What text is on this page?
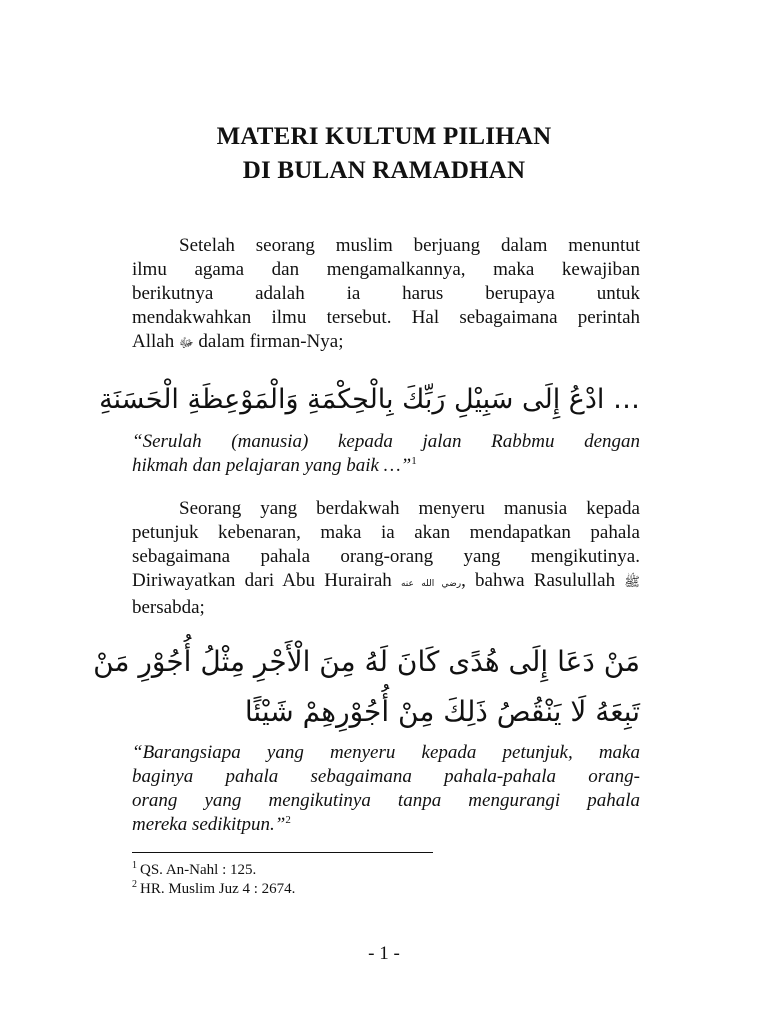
MATERI KULTUM PILIHAN
DI BULAN RAMADHAN
Setelah seorang muslim berjuang dalam menuntut
ilmu agama dan mengamalkannya, maka kewajiban
berikutnya adalah ia harus berupaya untuk
mendakwahkan ilmu tersebut. Hal sebagaimana perintah
Allah ﷻ dalam firman-Nya;
… ادْعُ إِلَى سَبِيْلِ رَبِّكَ بِالْحِكْمَةِ وَالْمَوْعِظَةِ الْحَسَنَةِ
“Serulah (manusia) kepada jalan Rabbmu dengan
hikmah dan pelajaran yang baik …”$^1$
Seorang yang berdakwah menyeru manusia kepada
petunjuk kebenaran, maka ia akan mendapatkan pahala
sebagaimana pahala orang-orang yang mengikutinya.
Diriwayatkan dari Abu Hurairah رضي الله عنه, bahwa Rasulullah ﷺ
bersabda;
مَنْ دَعَا إِلَى هُدًى كَانَ لَهُ مِنَ الْأَجْرِ مِثْلُ أُجُوْرِ مَنْ
تَبِعَهُ لَا يَنْقُصُ ذَلِكَ مِنْ أُجُوْرِهِمْ شَيْئًا
“Barangsiapa yang menyeru kepada petunjuk, maka
baginya pahala sebagaimana pahala-pahala orang-
orang yang mengikutinya tanpa mengurangi pahala
mereka sedikitpun.”$^2$
$^1$ QS. An-Nahl : 125.
$^2$ HR. Muslim Juz 4 : 2674.
- 1 -
